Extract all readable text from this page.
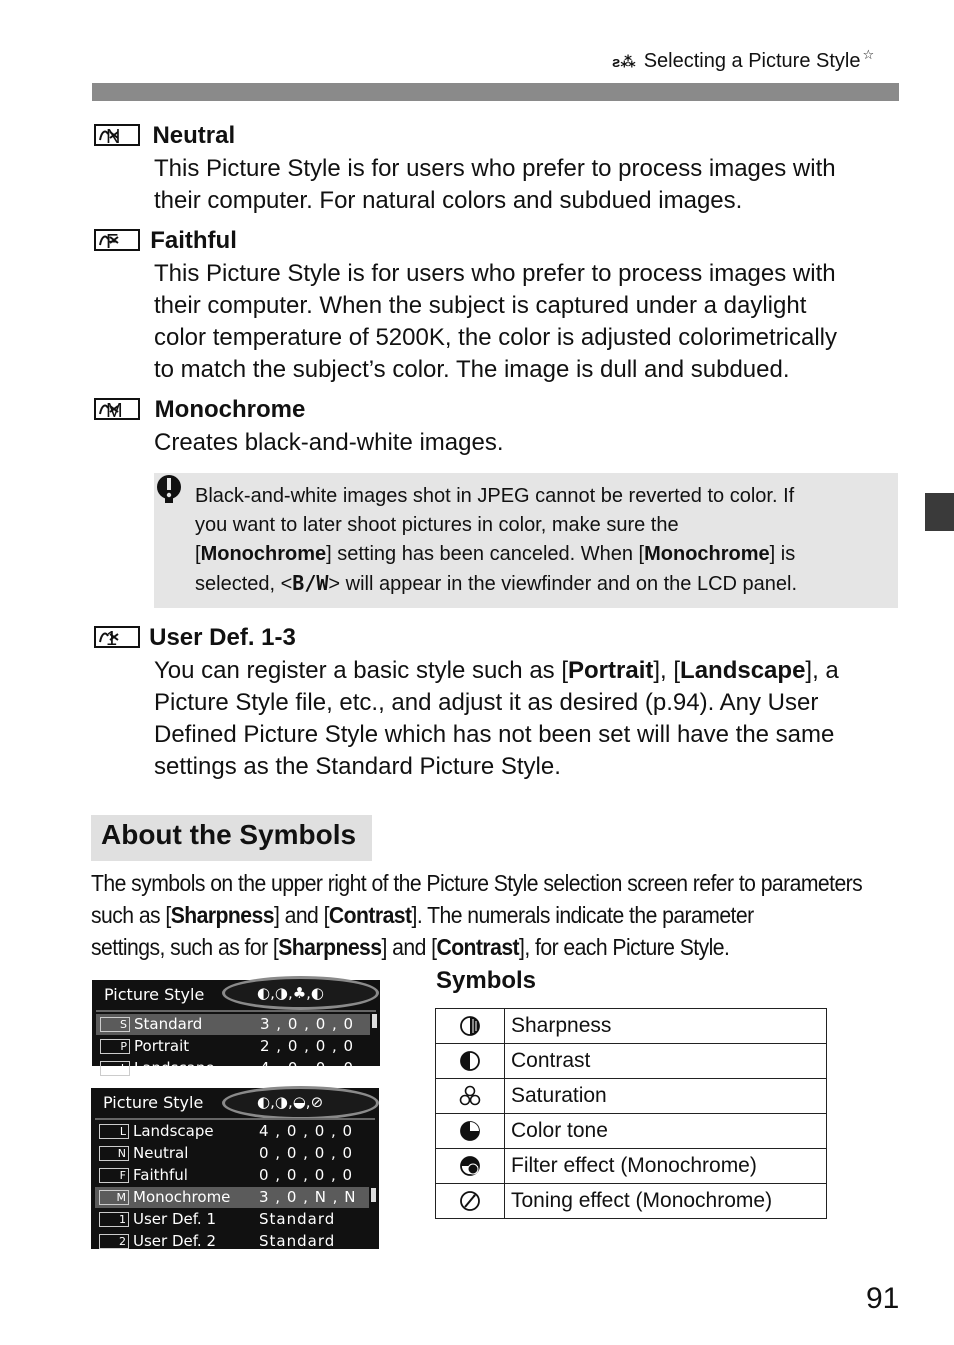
ƨ⁂ Selecting a Picture Style ☆
N Neutral

This Picture Style is for users who prefer to process images with

their computer. For natural colors and subdued images.

F Faithful

This Picture Style is for users who prefer to process images with

their computer. When the subject is captured under a daylight

color temperature of 5200K, the color is adjusted colorimetrically

to match the subject’s color. The image is dull and subdued.

M Monochrome

Creates black-and-white images.

Black-and-white images shot in JPEG cannot be reverted to color. If
you want to later shoot pictures in color, make sure the
[Monochrome] setting has been canceled. When [Monochrome] is
selected, <B/W> will appear in the viewfinder and on the LCD panel.
1 User Def. 1-3

You can register a basic style such as [Portrait], [Landscape], a

Picture Style file, etc., and adjust it as desired (p.94). Any User

Defined Picture Style which has not been set will have the same

settings as the Standard Picture Style.

About the Symbols
The symbols on the upper right of the Picture Style selection screen refer to parameters
such as [Sharpness] and [Contrast]. The numerals indicate the parameter
settings, such as for [Sharpness] and [Contrast], for each Picture Style.
Picture Style	◐,◑,♣,◐
S Standard	3 , 0 , 0 , 0
P Portrait	2 , 0 , 0 , 0
L Landscape	4 , 0 , 0 , 0
Picture Style	◐,◑,◒,⊘
L Landscape	4 , 0 , 0 , 0
N Neutral	0 , 0 , 0 , 0
F Faithful	0 , 0 , 0 , 0
M Monochrome 3 , 0 , N , N
1 User Def. 1	Standard
2 User Def. 2	Standard
Symbols
	Sharpness

	Contrast

	Saturation

	Color tone

	Filter effect (Monochrome)

	Toning effect (Monochrome)
91
